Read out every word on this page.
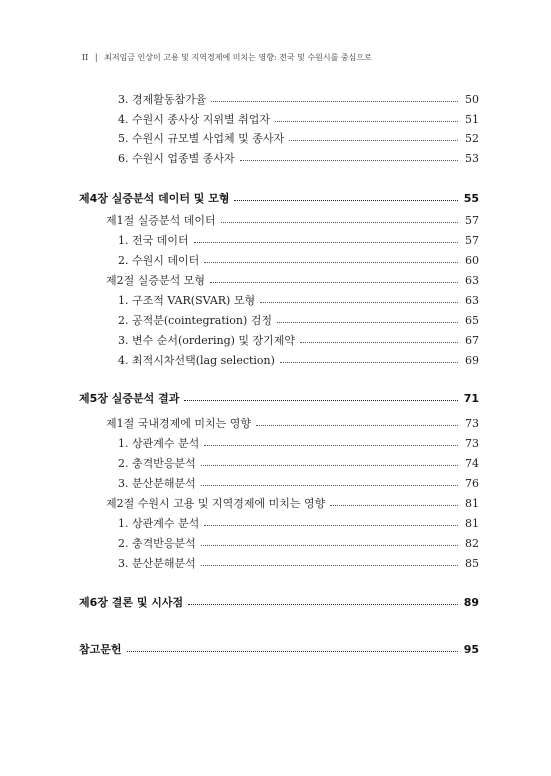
II | 최저임금 인상이 고용 및 지역경제에 미치는 영향: 전국 및 수원시를 중심으로
3. 경제활동참가율	50
4. 수원시 종사상 지위별 취업자	51
5. 수원시 규모별 사업체 및 종사자	52
6. 수원시 업종별 종사자	53
제4장 실증분석 데이터 및 모형	55
제1절 실증분석 데이터	57
1. 전국 데이터	57
2. 수원시 데이터	60
제2절 실증분석 모형	63
1. 구조적 VAR(SVAR) 모형	63
2. 공적분(cointegration) 검정	65
3. 변수 순서(ordering) 및 장기제약	67
4. 최적시차선택(lag selection)	69
제5장 실증분석 결과	71
제1절 국내경제에 미치는 영향	73
1. 상관계수 분석	73
2. 충격반응분석	74
3. 분산분해분석	76
제2절 수원시 고용 및 지역경제에 미치는 영향	81
1. 상관계수 분석	81
2. 충격반응분석	82
3. 분산분해분석	85
제6장 결론 및 시사점	89
참고문헌	95
